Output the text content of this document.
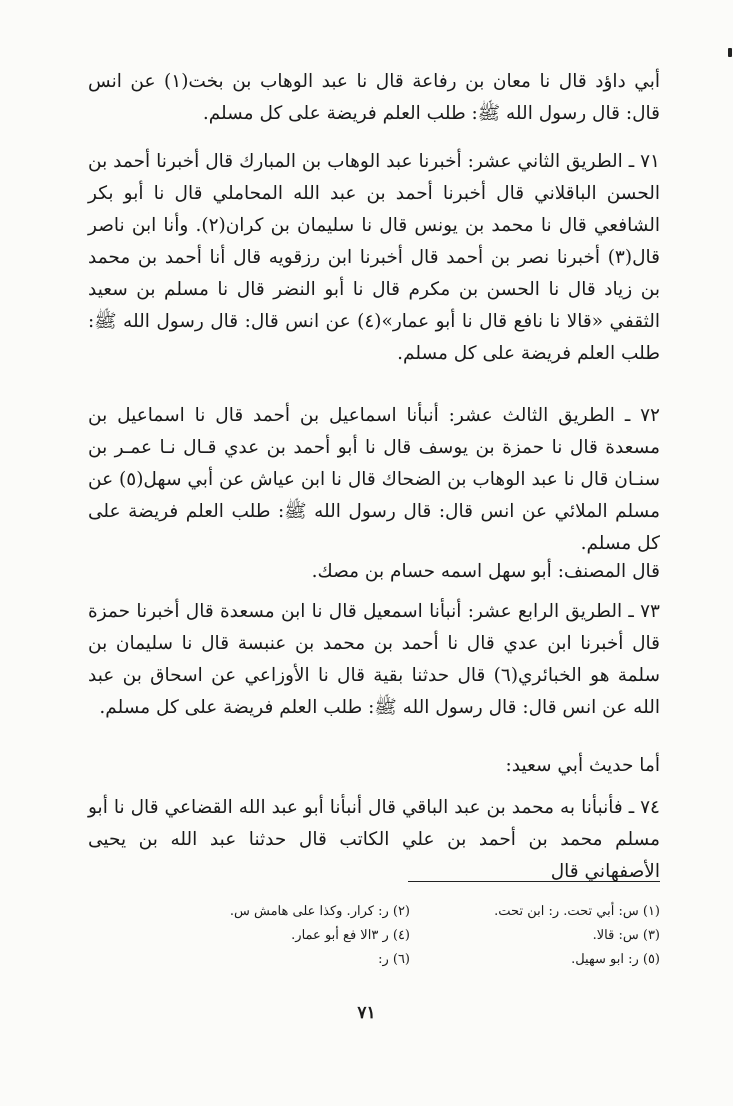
أبي داؤد قال نا معان بن رفاعة قال نا عبد الوهاب بن بخت(١) عن انس قال: قال رسول الله ﷺ: طلب العلم فريضة على كل مسلم.

٧١ ـ الطريق الثاني عشر: أخبرنا عبد الوهاب بن المبارك قال أخبرنا أحمد بن الحسن الباقلاني قال أخبرنا أحمد بن عبد الله المحاملي قال نا أبو بكر الشافعي قال نا محمد بن يونس قال نا سليمان بن كران(٢). وأنا ابن ناصر قال(٣) أخبرنا نصر بن أحمد قال أخبرنا ابن رزقويه قال أنا أحمد بن محمد بن زياد قال نا الحسن بن مكرم قال نا أبو النضر قال نا مسلم بن سعيد الثقفي «قالا نا نافع قال نا أبو عمار»(٤) عن انس قال: قال رسول الله ﷺ: طلب العلم فريضة على كل مسلم.

٧٢ ـ الطريق الثالث عشر: أنبأنا اسماعيل بن أحمد قال نا اسماعيل بن مسعدة قال نا حمزة بن يوسف قال نا أبو أحمد بن عدي قـال نـا عمـر بن سنـان قال نا عبد الوهاب بن الضحاك قال نا ابن عياش عن أبي سهل(٥) عن مسلم الملائي عن انس قال: قال رسول الله ﷺ: طلب العلم فريضة على كل مسلم.

قال المصنف: أبو سهل اسمه حسام بن مصك.

٧٣ ـ الطريق الرابع عشر: أنبأنا اسمعيل قال نا ابن مسعدة قال أخبرنا حمزة قال أخبرنا ابن عدي قال نا أحمد بن محمد بن عنبسة قال نا سليمان بن سلمة هو الخبائري(٦) قال حدثنا بقية قال نا الأوزاعي عن اسحاق بن عبد الله عن انس قال: قال رسول الله ﷺ: طلب العلم فريضة على كل مسلم.

أما حديث أبي سعيد:

٧٤ ـ فأنبأنا به محمد بن عبد الباقي قال أنبأنا أبو عبد الله القضاعي قال نا أبو مسلم محمد بن أحمد بن علي الكاتب قال حدثنا عبد الله بن يحيى الأصفهاني قال

(١) س: أبي تحت. ر: ابن تحت.
(٢) ر: كرار. وكذا على هامش س.
(٣) س: قالا.
(٤) ر ٣الا فع أبو عمار.
(٥) ر: ابو سهيل.
(٦) ر:
٧١
